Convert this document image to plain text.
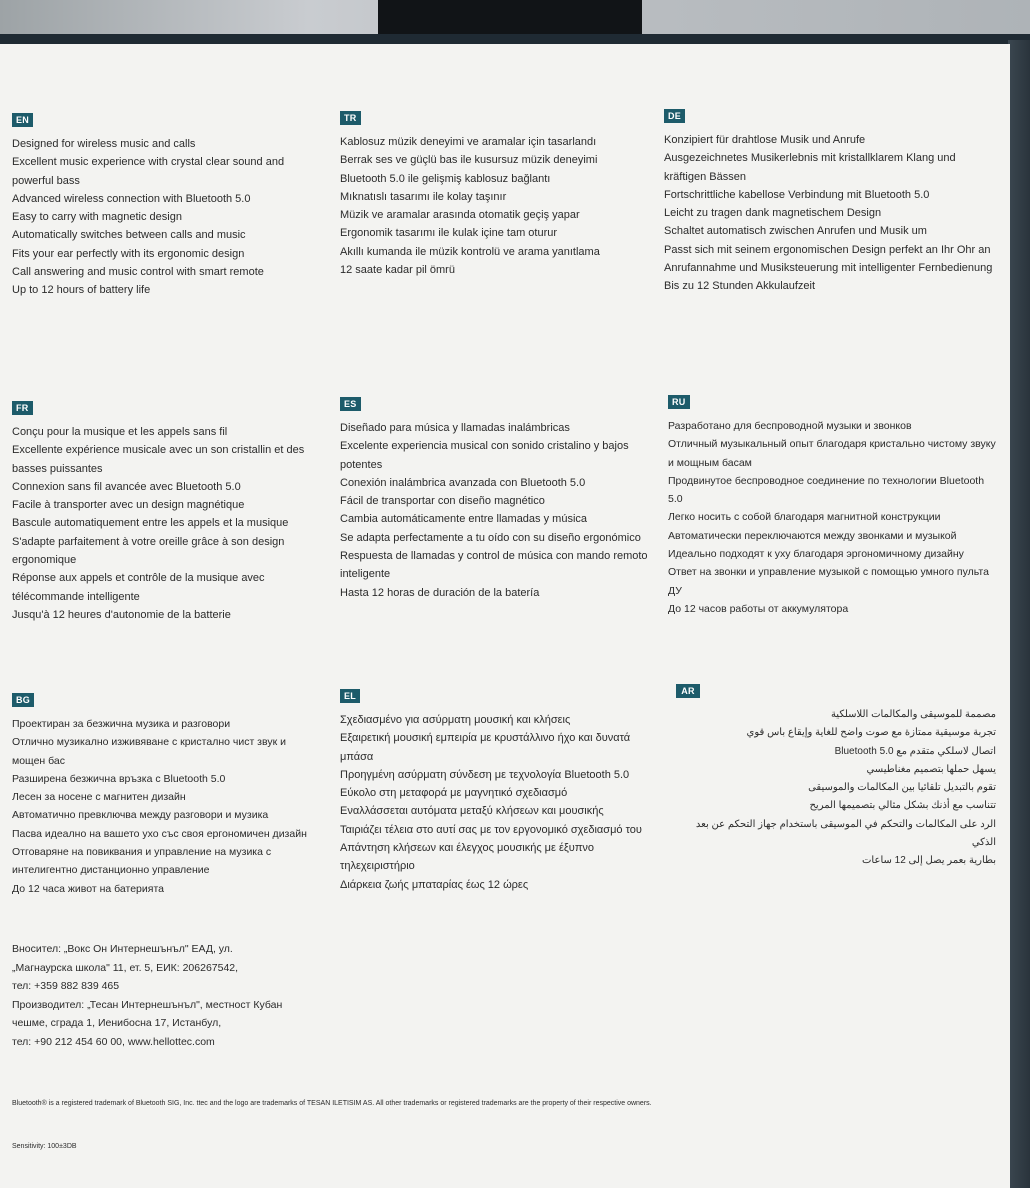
EN
Designed for wireless music and calls
Excellent music experience with crystal clear sound and powerful bass
Advanced wireless connection with Bluetooth 5.0
Easy to carry with magnetic design
Automatically switches between calls and music
Fits your ear perfectly with its ergonomic design
Call answering and music control with smart remote
Up to 12 hours of battery life
TR
Kablosuz müzik deneyimi ve aramalar için tasarlandı
Berrak ses ve güçlü bas ile kusursuz müzik deneyimi
Bluetooth 5.0 ile gelişmiş kablosuz bağlantı
Mıknatıslı tasarımı ile kolay taşınır
Müzik ve aramalar arasında otomatik geçiş yapar
Ergonomik tasarımı ile kulak içine tam oturur
Akıllı kumanda ile müzik kontrolü ve arama yanıtlama
12 saate kadar pil ömrü
DE
Konzipiert für drahtlose Musik und Anrufe
Ausgezeichnetes Musikerlebnis mit kristallklarem Klang und kräftigen Bässen
Fortschrittliche kabellose Verbindung mit Bluetooth 5.0
Leicht zu tragen dank magnetischem Design
Schaltet automatisch zwischen Anrufen und Musik um
Passt sich mit seinem ergonomischen Design perfekt an Ihr Ohr an
Anrufannahme und Musiksteuerung mit intelligenter Fernbedienung
Bis zu 12 Stunden Akkulaufzeit
FR
Conçu pour la musique et les appels sans fil
Excellente expérience musicale avec un son cristallin et des basses puissantes
Connexion sans fil avancée avec Bluetooth 5.0
Facile à transporter avec un design magnétique
Bascule automatiquement entre les appels et la musique
S'adapte parfaitement à votre oreille grâce à son design ergonomique
Réponse aux appels et contrôle de la musique avec télécommande intelligente
Jusqu'à 12 heures d'autonomie de la batterie
ES
Diseñado para música y llamadas inalámbricas
Excelente experiencia musical con sonido cristalino y bajos potentes
Conexión inalámbrica avanzada con Bluetooth 5.0
Fácil de transportar con diseño magnético
Cambia automáticamente entre llamadas y música
Se adapta perfectamente a tu oído con su diseño ergonómico
Respuesta de llamadas y control de música con mando remoto inteligente
Hasta 12 horas de duración de la batería
RU
Разработано для беспроводной музыки и звонков
Отличный музыкальный опыт благодаря кристально чистому звуку и мощным басам
Продвинутое беспроводное соединение по технологии Bluetooth 5.0
Легко носить с собой благодаря магнитной конструкции
Автоматически переключаются между звонками и музыкой
Идеально подходят к уху благодаря эргономичному дизайну
Ответ на звонки и управление музыкой с помощью умного пульта ДУ
До 12 часов работы от аккумулятора
BG
Проектиран за безжична музика и разговори
Отлично музикално изживяване с кристално чист звук и мощен бас
Разширена безжична връзка с Bluetooth 5.0
Лесен за носене с магнитен дизайн
Автоматично превключва между разговори и музика
Пасва идеално на вашето ухо със своя ергономичен дизайн
Отговаряне на повиквания и управление на музика с интелигентно дистанционно управление
До 12 часа живот на батерията
EL
Σχεδιασμένο για ασύρματη μουσική και κλήσεις
Εξαιρετική μουσική εμπειρία με κρυστάλλινο ήχο και δυνατά μπάσα
Προηγμένη ασύρματη σύνδεση με τεχνολογία Bluetooth 5.0
Εύκολο στη μεταφορά με μαγνητικό σχεδιασμό
Εναλλάσσεται αυτόματα μεταξύ κλήσεων και μουσικής
Ταιριάζει τέλεια στο αυτί σας με τον εργονομικό σχεδιασμό του
Απάντηση κλήσεων και έλεγχος μουσικής με έξυπνο τηλεχειριστήριο
Διάρκεια ζωής μπαταρίας έως 12 ώρες
AR
مصممة للموسيقى والمكالمات اللاسلكية
تجربة موسيقية ممتازة مع صوت واضح للغاية وإيقاع باس قوي
اتصال لاسلكي متقدم مع Bluetooth 5.0
يسهل حملها بتصميم مغناطيسي
تقوم بالتبديل تلقائيا بين المكالمات والموسيقى
تتناسب مع أذنك بشكل مثالي بتصميمها المريح
الرد على المكالمات والتحكم في الموسيقى باستخدام جهاز التحكم عن بعد الذكي
بطارية بعمر يصل إلى 12 ساعات
Вносител: „Вокс Он Интернешънъл" ЕАД, ул.
„Магнаурска школа" 11, ет. 5, ЕИК: 206267542,
тел: +359 882 839 465
Производител: „Тесан Интернешънъл", местност Кубан
чешме, сграда 1, Иенибосна 17, Истанбул,
тел: +90 212 454 60 00, www.hellottec.com
Bluetooth® is a registered trademark of Bluetooth SIG, Inc. ttec and the logo are trademarks of TESAN ILETISIM AS. All other trademarks or registered trademarks are the property of their respective owners.
Sensitivity: 100±3DB
